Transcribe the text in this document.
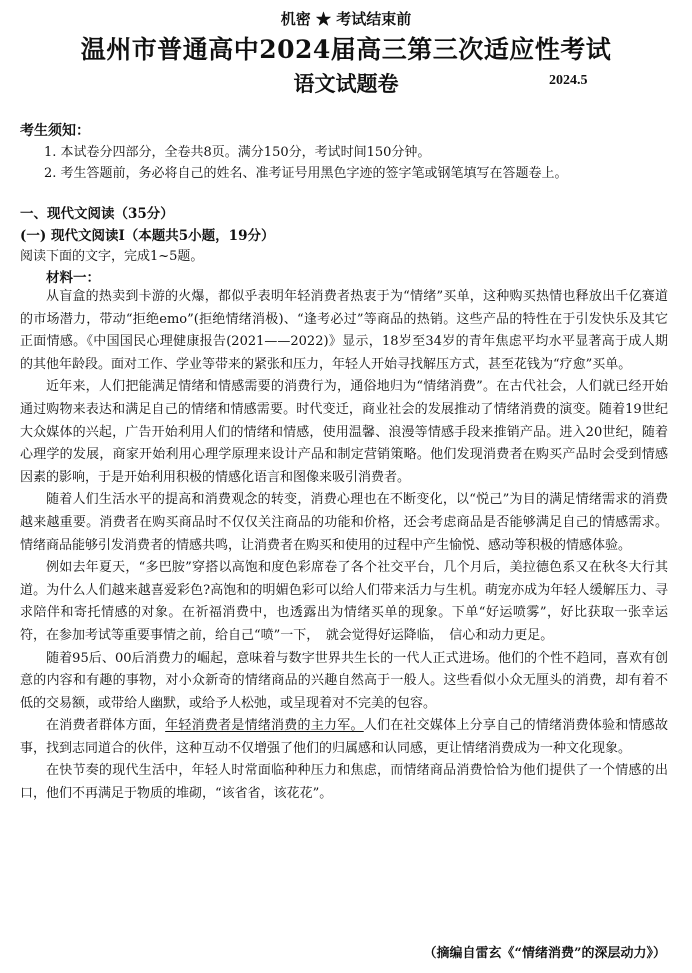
机密 ★ 考试结束前
温州市普通高中2024届高三第三次适应性考试
语文试题卷	2024.5
考生须知：
1. 本试卷分四部分，全卷共8页。满分150分，考试时间150分钟。
2. 考生答题前，务必将自己的姓名、准考证号用黑色字迹的签字笔或钢笔填写在答题卷上。
一、现代文阅读（35分）
(一) 现代文阅读Ⅰ（本题共5小题，19分）
阅读下面的文字，完成1~5题。
材料一：

从盲盒的热卖到卡游的火爆，都似乎表明年轻消费者热衷于为“情绪”买单，这种购买热情也释放出千亿赛道的市场潜力，带动“拒绝emo”(拒绝情绪消极)、“逢考必过”等商品的热销。这些产品的特性在于引发快乐及其它正面情感。《中国国民心理健康报告(2021——2022)》显示，18岁至34岁的青年焦虑平均水平显著高于成人期的其他年龄段。面对工作、学业等带来的紧张和压力，年轻人开始寻找解压方式，甚至花钱为“疗愈”买单。

近年来，人们把能满足情绪和情感需要的消费行为，通俗地归为“情绪消费”。在古代社会，人们就已经开始通过购物来表达和满足自己的情绪和情感需要。时代变迁，商业社会的发展推动了情绪消费的演变。随着19世纪大众媒体的兴起，广告开始利用人们的情绪和情感，使用温馨、浪漫等情感手段来推销产品。进入20世纪，随着心理学的发展，商家开始利用心理学原理来设计产品和制定营销策略。他们发现消费者在购买产品时会受到情感因素的影响，于是开始利用积极的情感化语言和图像来吸引消费者。

随着人们生活水平的提高和消费观念的转变，消费心理也在不断变化，以“悦己”为目的满足情绪需求的消费越来越重要。消费者在购买商品时不仅仅关注商品的功能和价格，还会考虑商品是否能够满足自己的情感需求。情绪商品能够引发消费者的情感共鸣，让消费者在购买和使用的过程中产生愉悦、感动等积极的情感体验。

例如去年夏天，“多巴胺”穿搭以高饱和度色彩席卷了各个社交平台，几个月后，美拉德色系又在秋冬大行其道。为什么人们越来越喜爱彩色?高饱和的明媚色彩可以给人们带来活力与生机。萌宠亦成为年轻人缓解压力、寻求陪伴和寄托情感的对象。在祈福消费中，也透露出为情绪买单的现象。下单“好运喷雾”，好比获取一张幸运符，在参加考试等重要事情之前，给自己“喷”一下，　就会觉得好运降临，　信心和动力更足。

随着95后、00后消费力的崛起，意味着与数字世界共生长的一代人正式进场。他们的个性不趋同，喜欢有创意的内容和有趣的事物，对小众新奇的情绪商品的兴趣自然高于一般人。这些看似小众无厘头的消费，却有着不低的交易额，或带给人幽默，或给予人松弛，或呈现着对不完美的包容。

在消费者群体方面，年轻消费者是情绪消费的主力军。人们在社交媒体上分享自己的情绪消费体验和情感故事，找到志同道合的伙伴，这种互动不仅增强了他们的归属感和认同感，更让情绪消费成为一种文化现象。

在快节奏的现代生活中，年轻人时常面临种种压力和焦虑，而情绪商品消费恰恰为他们提供了一个情感的出口，他们不再满足于物质的堆砌，“该省省，该花花”。

（摘编自雷玄《“情绪消费”的深层动力》）
